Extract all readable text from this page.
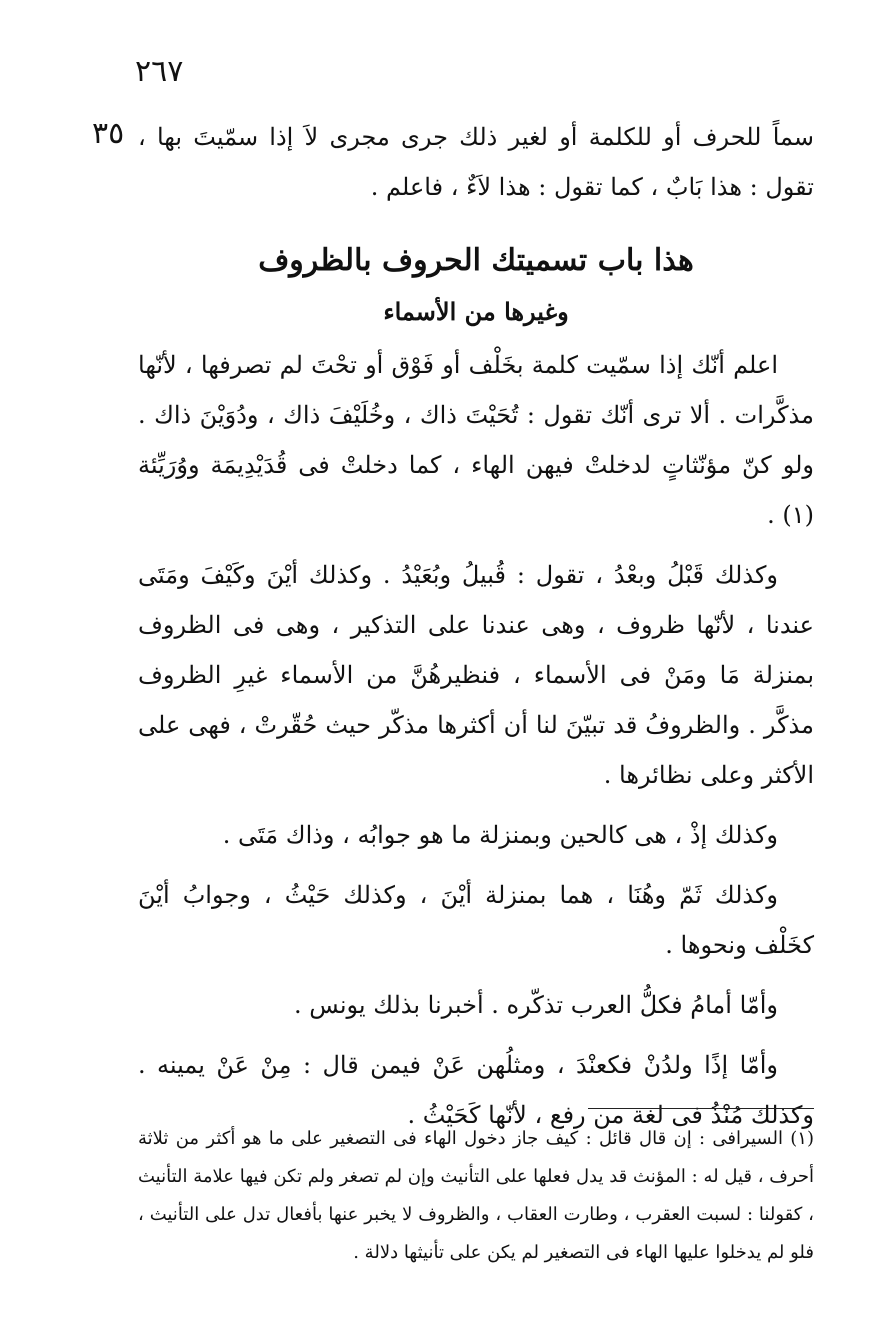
٢٦٧
٣٥ سماً للحرف أو للكلمة أو لغير ذلك جرى مجرى لاَ إذا سمّيتَ بها ، تقول : هذا بَابٌ ، كما تقول : هذا لاَءٌ ، فاعلم .

هذا باب تسميتك الحروف بالظروف
وغيرها من الأسماء

اعلم أنّك إذا سمّيت كلمة بخَلْف أو فَوْق أو تحْتَ لم تصرفها ، لأنّها مذكَّرات . ألا ترى أنّك تقول : تُحَيْتَ ذاك ، وخُلَيْفَ ذاك ، ودُوَيْنَ ذاك . ولو كنّ مؤنّثاتٍ لدخلتْ فيهن الهاء ، كما دخلتْ فى قُدَيْدِيمَة ووُرَيِّئة (١) .

وكذلك قَبْلُ وبعْدُ ، تقول : قُبيلُ وبُعَيْدُ . وكذلك أيْنَ وكَيْفَ ومَتَى عندنا ، لأنّها ظروف ، وهى عندنا على التذكير ، وهى فى الظروف بمنزلة مَا ومَنْ فى الأسماء ، فنظيرهُنَّ من الأسماء غيرِ الظروف مذكَّر . والظروفُ قد تبيّنَ لنا أن أكثرها مذكّر حيث حُقّرتْ ، فهى على الأكثر وعلى نظائرها .

وكذلك إذْ ، هى كالحين وبمنزلة ما هو جوابُه ، وذاك مَتَى .

وكذلك ثَمّ وهُنَا ، هما بمنزلة أيْنَ ، وكذلك حَيْثُ ، وجوابُ أيْنَ كخَلْف ونحوها .

وأمّا أمامُ فكلُّ العرب تذكّره . أخبرنا بذلك يونس .

وأمّا إذًا ولدُنْ فكعنْدَ ، ومثلُهن عَنْ فيمن قال : مِنْ عَنْ يمينه . وكذلك مُنْذُ فى لغة من رفع ، لأنّها كَحَيْثُ .

(١) السيرافى : إن قال قائل : كيف جاز دخول الهاء فى التصغير على ما هو أكثر من ثلاثة أحرف ، قيل له : المؤنث قد يدل فعلها على التأنيث وإن لم تصغر ولم تكن فيها علامة التأنيث ، كقولنا : لسبت العقرب ، وطارت العقاب ، والظروف لا يخبر عنها بأفعال تدل على التأنيث ، فلو لم يدخلوا عليها الهاء فى التصغير لم يكن على تأنيثها دلالة .
